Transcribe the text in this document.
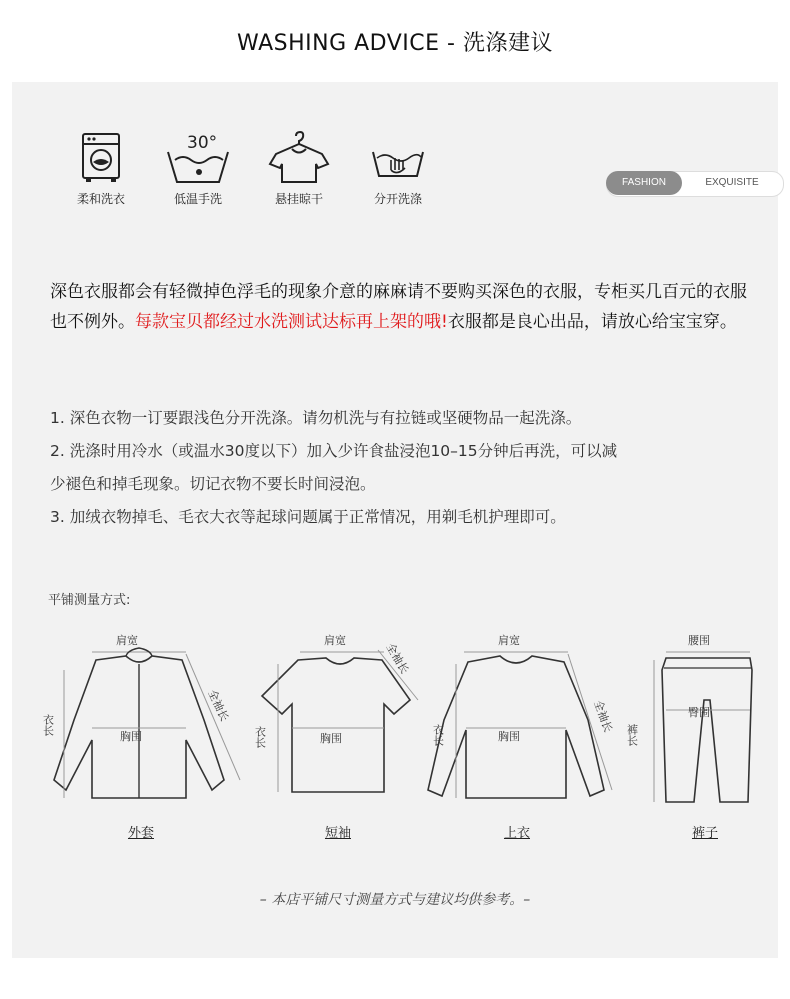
WASHING ADVICE - 洗涤建议
柔和洗衣
30°
低温手洗	悬挂晾干	分开洗涤
FASHION	EXQUISITE
深色衣服都会有轻微掉色浮毛的现象介意的麻麻请不要购买深色的衣服，专柜买几百元的衣服也不例外。每款宝贝都经过水洗测试达标再上架的哦!衣服都是良心出品，请放心给宝宝穿。

1. 深色衣物一订要跟浅色分开洗涤。请勿机洗与有拉链或坚硬物品一起洗涤。

2. 洗涤时用冷水（或温水30度以下）加入少许食盐浸泡10–15分钟后再洗，可以减

少褪色和掉毛现象。切记衣物不要长时间浸泡。

3. 加绒衣物掉毛、毛衣大衣等起球问题属于正常情况，用剃毛机护理即可。

平铺测量方式:
肩宽
衣长
胸围
全袖长
外套
肩宽
衣长	胸围
全袖长
短袖
肩宽
衣长	胸围
全袖长
上衣
腰围
裤长
臀围
裤子
– 本店平铺尺寸测量方式与建议均供参考。–
